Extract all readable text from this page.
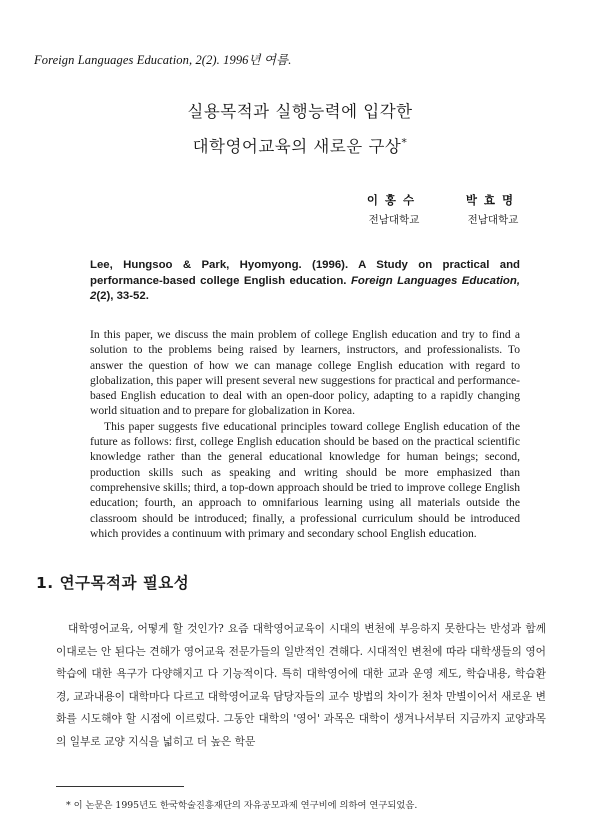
Foreign Languages Education, 2(2). 1996년 여름.
실용목적과 실행능력에 입각한
대학영어교육의 새로운 구상*
이홍수
전남대학교
박효명
전남대학교
Lee, Hungsoo & Park, Hyomyong. (1996). A Study on practical and performance-based college English education. Foreign Languages Education, 2(2), 33-52.

In this paper, we discuss the main problem of college English education and try to find a solution to the problems being raised by learners, instructors, and professionalists. To answer the question of how we can manage college English education with regard to globalization, this paper will present several new suggestions for practical and performance-based English education to deal with an open-door policy, adapting to a rapidly changing world situation and to prepare for globalization in Korea.

This paper suggests five educational principles toward college English education of the future as follows: first, college English education should be based on the practical scientific knowledge rather than the general educational knowledge for human beings; second, production skills such as speaking and writing should be more emphasized than comprehensive skills; third, a top-down approach should be tried to improve college English education; fourth, an approach to omnifarious learning using all materials outside the classroom should be introduced; finally, a professional curriculum should be introduced which provides a continuum with primary and secondary school English education.

1. 연구목적과 필요성
대학영어교육, 어떻게 할 것인가? 요즘 대학영어교육이 시대의 변천에 부응하지 못한다는 반성과 함께 이대로는 안 된다는 견해가 영어교육 전문가들의 일반적인 견해다. 시대적인 변천에 따라 대학생들의 영어 학습에 대한 욕구가 다양해지고 다 기능적이다. 특히 대학영어에 대한 교과 운영 제도, 학습내용, 학습환경, 교과내용이 대학마다 다르고 대학영어교육 담당자들의 교수 방법의 차이가 천차 만별이어서 새로운 변화를 시도해야 할 시점에 이르렀다. 그동안 대학의 '영어' 과목은 대학이 생겨나서부터 지금까지 교양과목의 일부로 교양 지식을 넓히고 더 높은 학문
* 이 논문은 1995년도 한국학술진흥재단의 자유공모과제 연구비에 의하여 연구되었음.
